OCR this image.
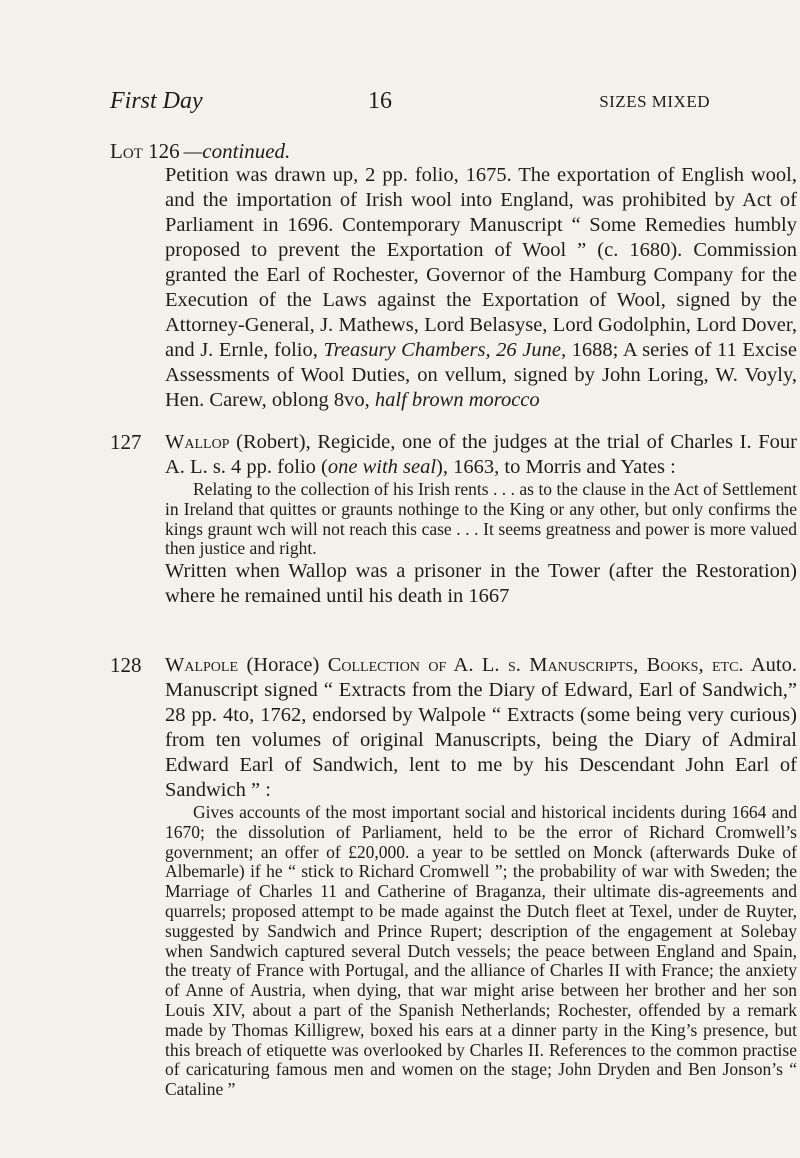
First Day	16	SIZES MIXED
Lot 126 —continued.

Petition was drawn up, 2 pp. folio, 1675. The exportation of English wool, and the importation of Irish wool into England, was prohibited by Act of Parliament in 1696. Contemporary Manuscript “ Some Remedies humbly proposed to prevent the Exportation of Wool ” (c. 1680). Commission granted the Earl of Rochester, Governor of the Hamburg Company for the Execution of the Laws against the Exportation of Wool, signed by the Attorney-General, J. Mathews, Lord Belasyse, Lord Godolphin, Lord Dover, and J. Ernle, folio, Treasury Chambers, 26 June, 1688; A series of 11 Excise Assessments of Wool Duties, on vellum, signed by John Loring, W. Voyly, Hen. Carew, oblong 8vo, half brown morocco

127 Wallop (Robert), Regicide, one of the judges at the trial of Charles I. Four A. L. s. 4 pp. folio (one with seal), 1663, to Morris and Yates :

Relating to the collection of his Irish rents . . . as to the clause in the Act of Settlement in Ireland that quittes or graunts nothinge to the King or any other, but only confirms the kings graunt wch will not reach this case . . . It seems greatness and power is more valued then justice and right.

Written when Wallop was a prisoner in the Tower (after the Restoration) where he remained until his death in 1667

128 Walpole (Horace) Collection of A. L. s. Manuscripts, Books, etc. Auto. Manuscript signed “ Extracts from the Diary of Edward, Earl of Sandwich,” 28 pp. 4to, 1762, endorsed by Walpole “ Extracts (some being very curious) from ten volumes of original Manuscripts, being the Diary of Admiral Edward Earl of Sandwich, lent to me by his Descendant John Earl of Sandwich ” :

Gives accounts of the most important social and historical incidents during 1664 and 1670; the dissolution of Parliament, held to be the error of Richard Cromwell’s government; an offer of £20,000. a year to be settled on Monck (afterwards Duke of Albemarle) if he “ stick to Richard Cromwell ”; the probability of war with Sweden; the Marriage of Charles 11 and Catherine of Braganza, their ultimate dis-agreements and quarrels; proposed attempt to be made against the Dutch fleet at Texel, under de Ruyter, suggested by Sandwich and Prince Rupert; description of the engagement at Solebay when Sandwich captured several Dutch vessels; the peace between England and Spain, the treaty of France with Portugal, and the alliance of Charles II with France; the anxiety of Anne of Austria, when dying, that war might arise between her brother and her son Louis XIV, about a part of the Spanish Netherlands; Rochester, offended by a remark made by Thomas Killigrew, boxed his ears at a dinner party in the King’s presence, but this breach of etiquette was overlooked by Charles II. References to the common practise of caricaturing famous men and women on the stage; John Dryden and Ben Jonson’s “ Cataline ”
